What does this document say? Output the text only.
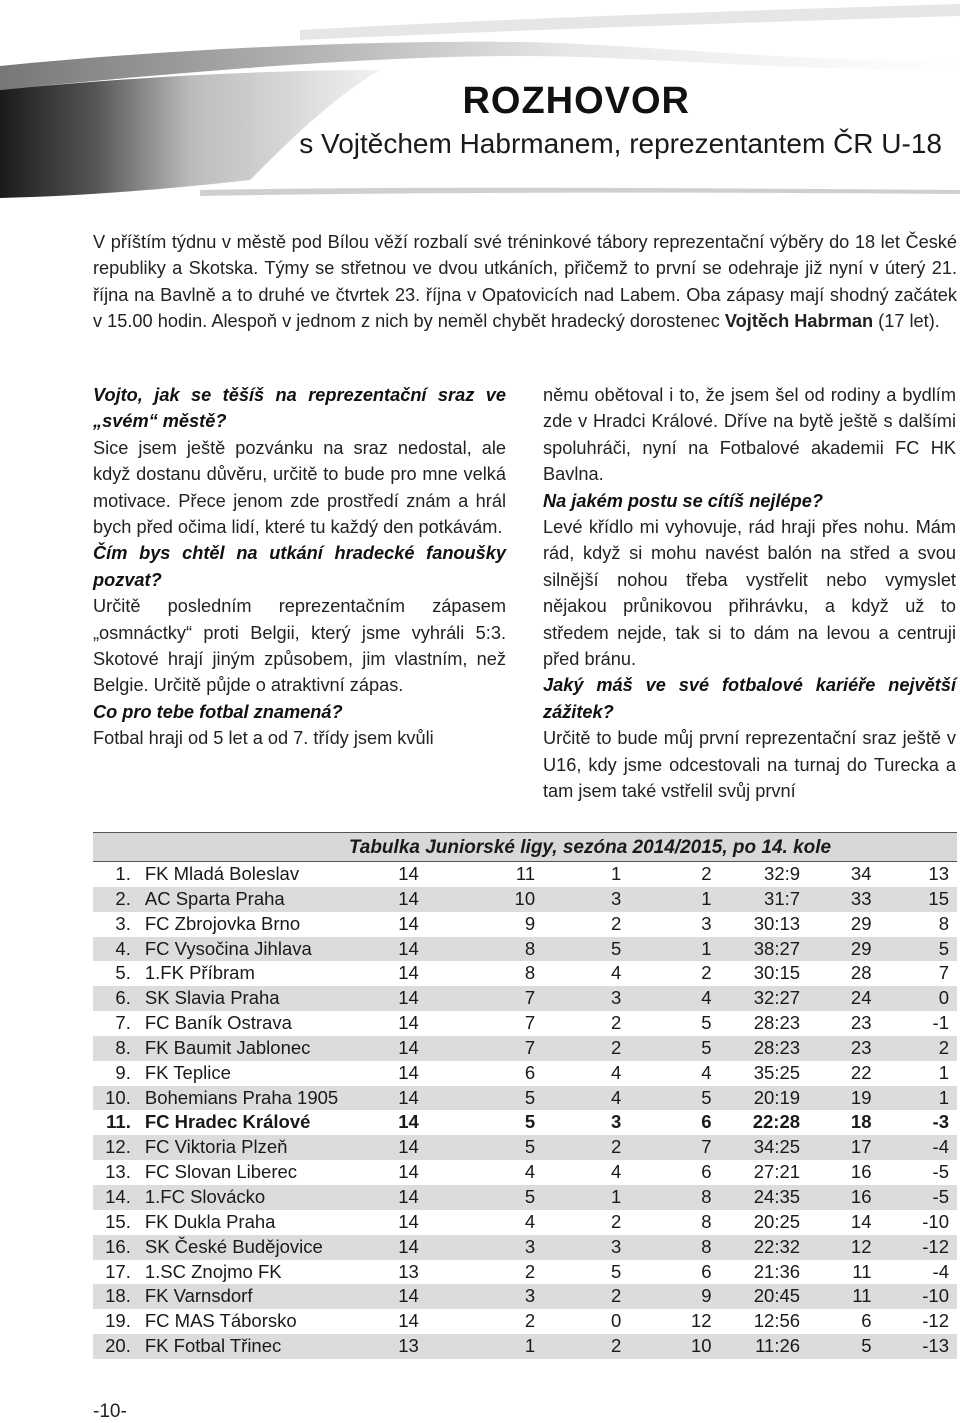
ROZHOVOR
s Vojtěchem Habrmanem, reprezentantem ČR U-18
V příštím týdnu v městě pod Bílou věží rozbalí své tréninkové tábory reprezentační výběry do 18 let České republiky a Skotska. Týmy se střetnou ve dvou utkáních, přičemž to první se odehraje již nyní v úterý 21. října na Bavlně a to druhé ve čtvrtek 23. října v Opatovicích nad Labem. Oba zápasy mají shodný začátek v 15.00 hodin. Alespoň v jednom z nich by neměl chybět hradecký dorostenec Vojtěch Habrman (17 let).
Vojto, jak se těšíš na reprezentační sraz ve „svém“ městě?
Sice jsem ještě pozvánku na sraz nedostal, ale když dostanu důvěru, určitě to bude pro mne velká motivace. Přece jenom zde prostředí znám a hrál bych před očima lidí, které tu každý den potkávám.
Čím bys chtěl na utkání hradecké fanoušky pozvat?
Určitě posledním reprezentačním zápasem „osmnáctky“ proti Belgii, který jsme vyhráli 5:3. Skotové hrají jiným způsobem, jim vlastním, než Belgie. Určitě půjde o atraktivní zápas.
Co pro tebe fotbal znamená?
Fotbal hraji od 5 let a od 7. třídy jsem kvůli
němu obětoval i to, že jsem šel od rodiny a bydlím zde v Hradci Králové. Dříve na bytě ještě s dalšími spoluhráči, nyní na Fotbalové akademii FC HK Bavlna.
Na jakém postu se cítíš nejlépe?
Levé křídlo mi vyhovuje, rád hraji přes nohu. Mám rád, když si mohu navést balón na střed a svou silnější nohou třeba vystřelit nebo vymyslet nějakou průnikovou přihrávku, a když už to středem nejde, tak si to dám na levou a centruji před bránu.
Jaký máš ve své fotbalové kariéře největší zážitek?
Určitě to bude můj první reprezentační sraz ještě v U16, kdy jsme odcestovali na turnaj do Turecka a tam jsem také vstřelil svůj první
Tabulka Juniorské ligy, sezóna 2014/2015, po 14. kole
1.	FK Mladá Boleslav	14	11	1	2	32:9	34	13
2.	AC Sparta Praha	14	10	3	1	31:7	33	15
3.	FC Zbrojovka Brno	14	9	2	3	30:13	29	8
4.	FC Vysočina Jihlava	14	8	5	1	38:27	29	5
5.	1.FK Příbram	14	8	4	2	30:15	28	7
6.	SK Slavia Praha	14	7	3	4	32:27	24	0
7.	FC Baník Ostrava	14	7	2	5	28:23	23	-1
8.	FK Baumit Jablonec	14	7	2	5	28:23	23	2
9.	FK Teplice	14	6	4	4	35:25	22	1
10.	Bohemians Praha 1905	14	5	4	5	20:19	19	1
11.	FC Hradec Králové	14	5	3	6	22:28	18	-3
12.	FC Viktoria Plzeň	14	5	2	7	34:25	17	-4
13.	FC Slovan Liberec	14	4	4	6	27:21	16	-5
14.	1.FC Slovácko	14	5	1	8	24:35	16	-5
15.	FK Dukla Praha	14	4	2	8	20:25	14	-10
16.	SK České Budějovice	14	3	3	8	22:32	12	-12
17.	1.SC Znojmo FK	13	2	5	6	21:36	11	-4
18.	FK Varnsdorf	14	3	2	9	20:45	11	-10
19.	FC MAS Táborsko	14	2	0	12	12:56	6	-12
20.	FK Fotbal Třinec	13	1	2	10	11:26	5	-13
-10-
